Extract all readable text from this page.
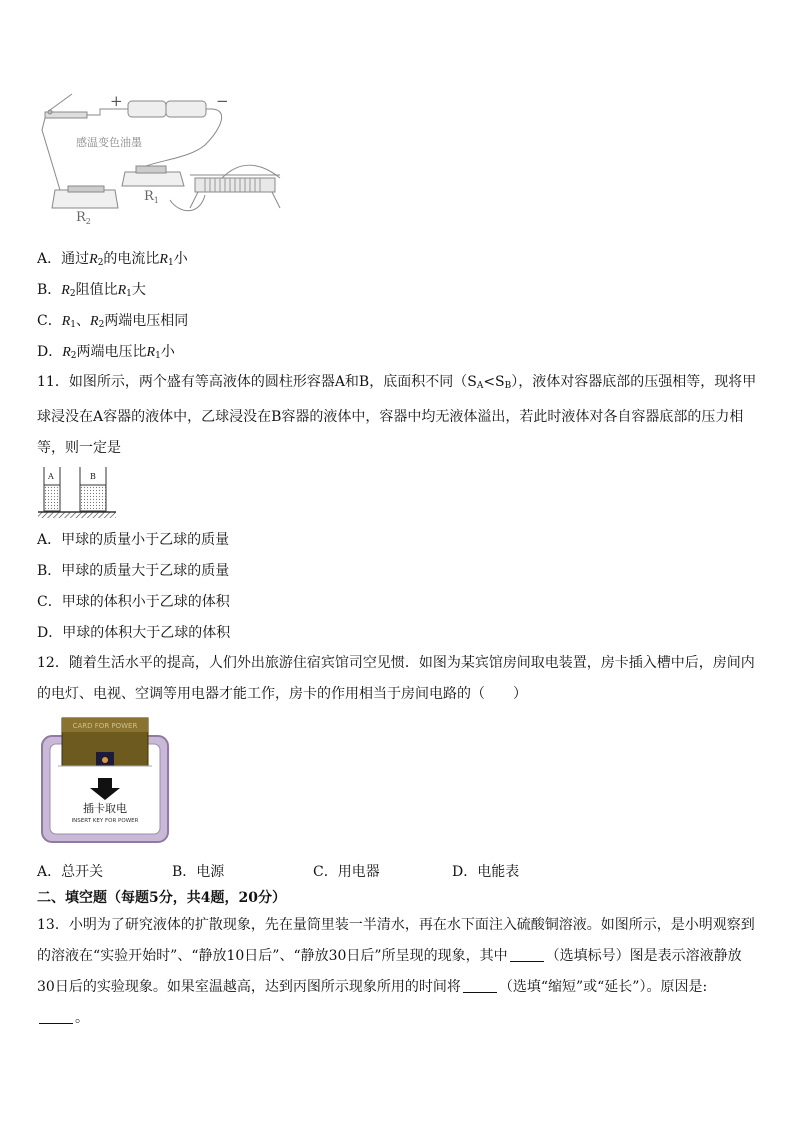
+	−
感温变色油墨
$R_1$
$R_2$
A．通过$R_2$的电流比$R_1$小
B．$R_2$阻值比$R_1$大
C．$R_1$、$R_2$两端电压相同
D．$R_2$两端电压比$R_1$小
11．如图所示，两个盛有等高液体的圆柱形容器A和B，底面积不同$(S_A<S_B)$，液体对容器底部的压强相等，现将甲球浸没在A容器的液体中，乙球浸没在B容器的液体中，容器中均无液体溢出，若此时液体对各自容器底部的压力相等，则一定是
A	B
A．甲球的质量小于乙球的质量
B．甲球的质量大于乙球的质量
C．甲球的体积小于乙球的体积
D．甲球的体积大于乙球的体积
12．随着生活水平的提高，人们外出旅游住宿宾馆司空见惯．如图为某宾馆房间取电装置，房卡插入槽中后，房间内的电灯、电视、空调等用电器才能工作，房卡的作用相当于房间电路的（　　）
CARD FOR POWER
插卡取电
INSERT KEY FOR POWER
A．总开关	B．电源	C．用电器	D．电能表
二、填空题（每题5分，共4题，20分）
13．小明为了研究液体的扩散现象，先在量筒里装一半清水，再在水下面注入硫酸铜溶液。如图所示，是小明观察到的溶液在“实验开始时”、“静放10日后”、“静放30日后”所呈现的现象，其中	（选填标号）图是表示溶液静放30日后的实验现象。如果室温越高，达到丙图所示现象所用的时间将	（选填“缩短”或“延长”）。原因是:
。
